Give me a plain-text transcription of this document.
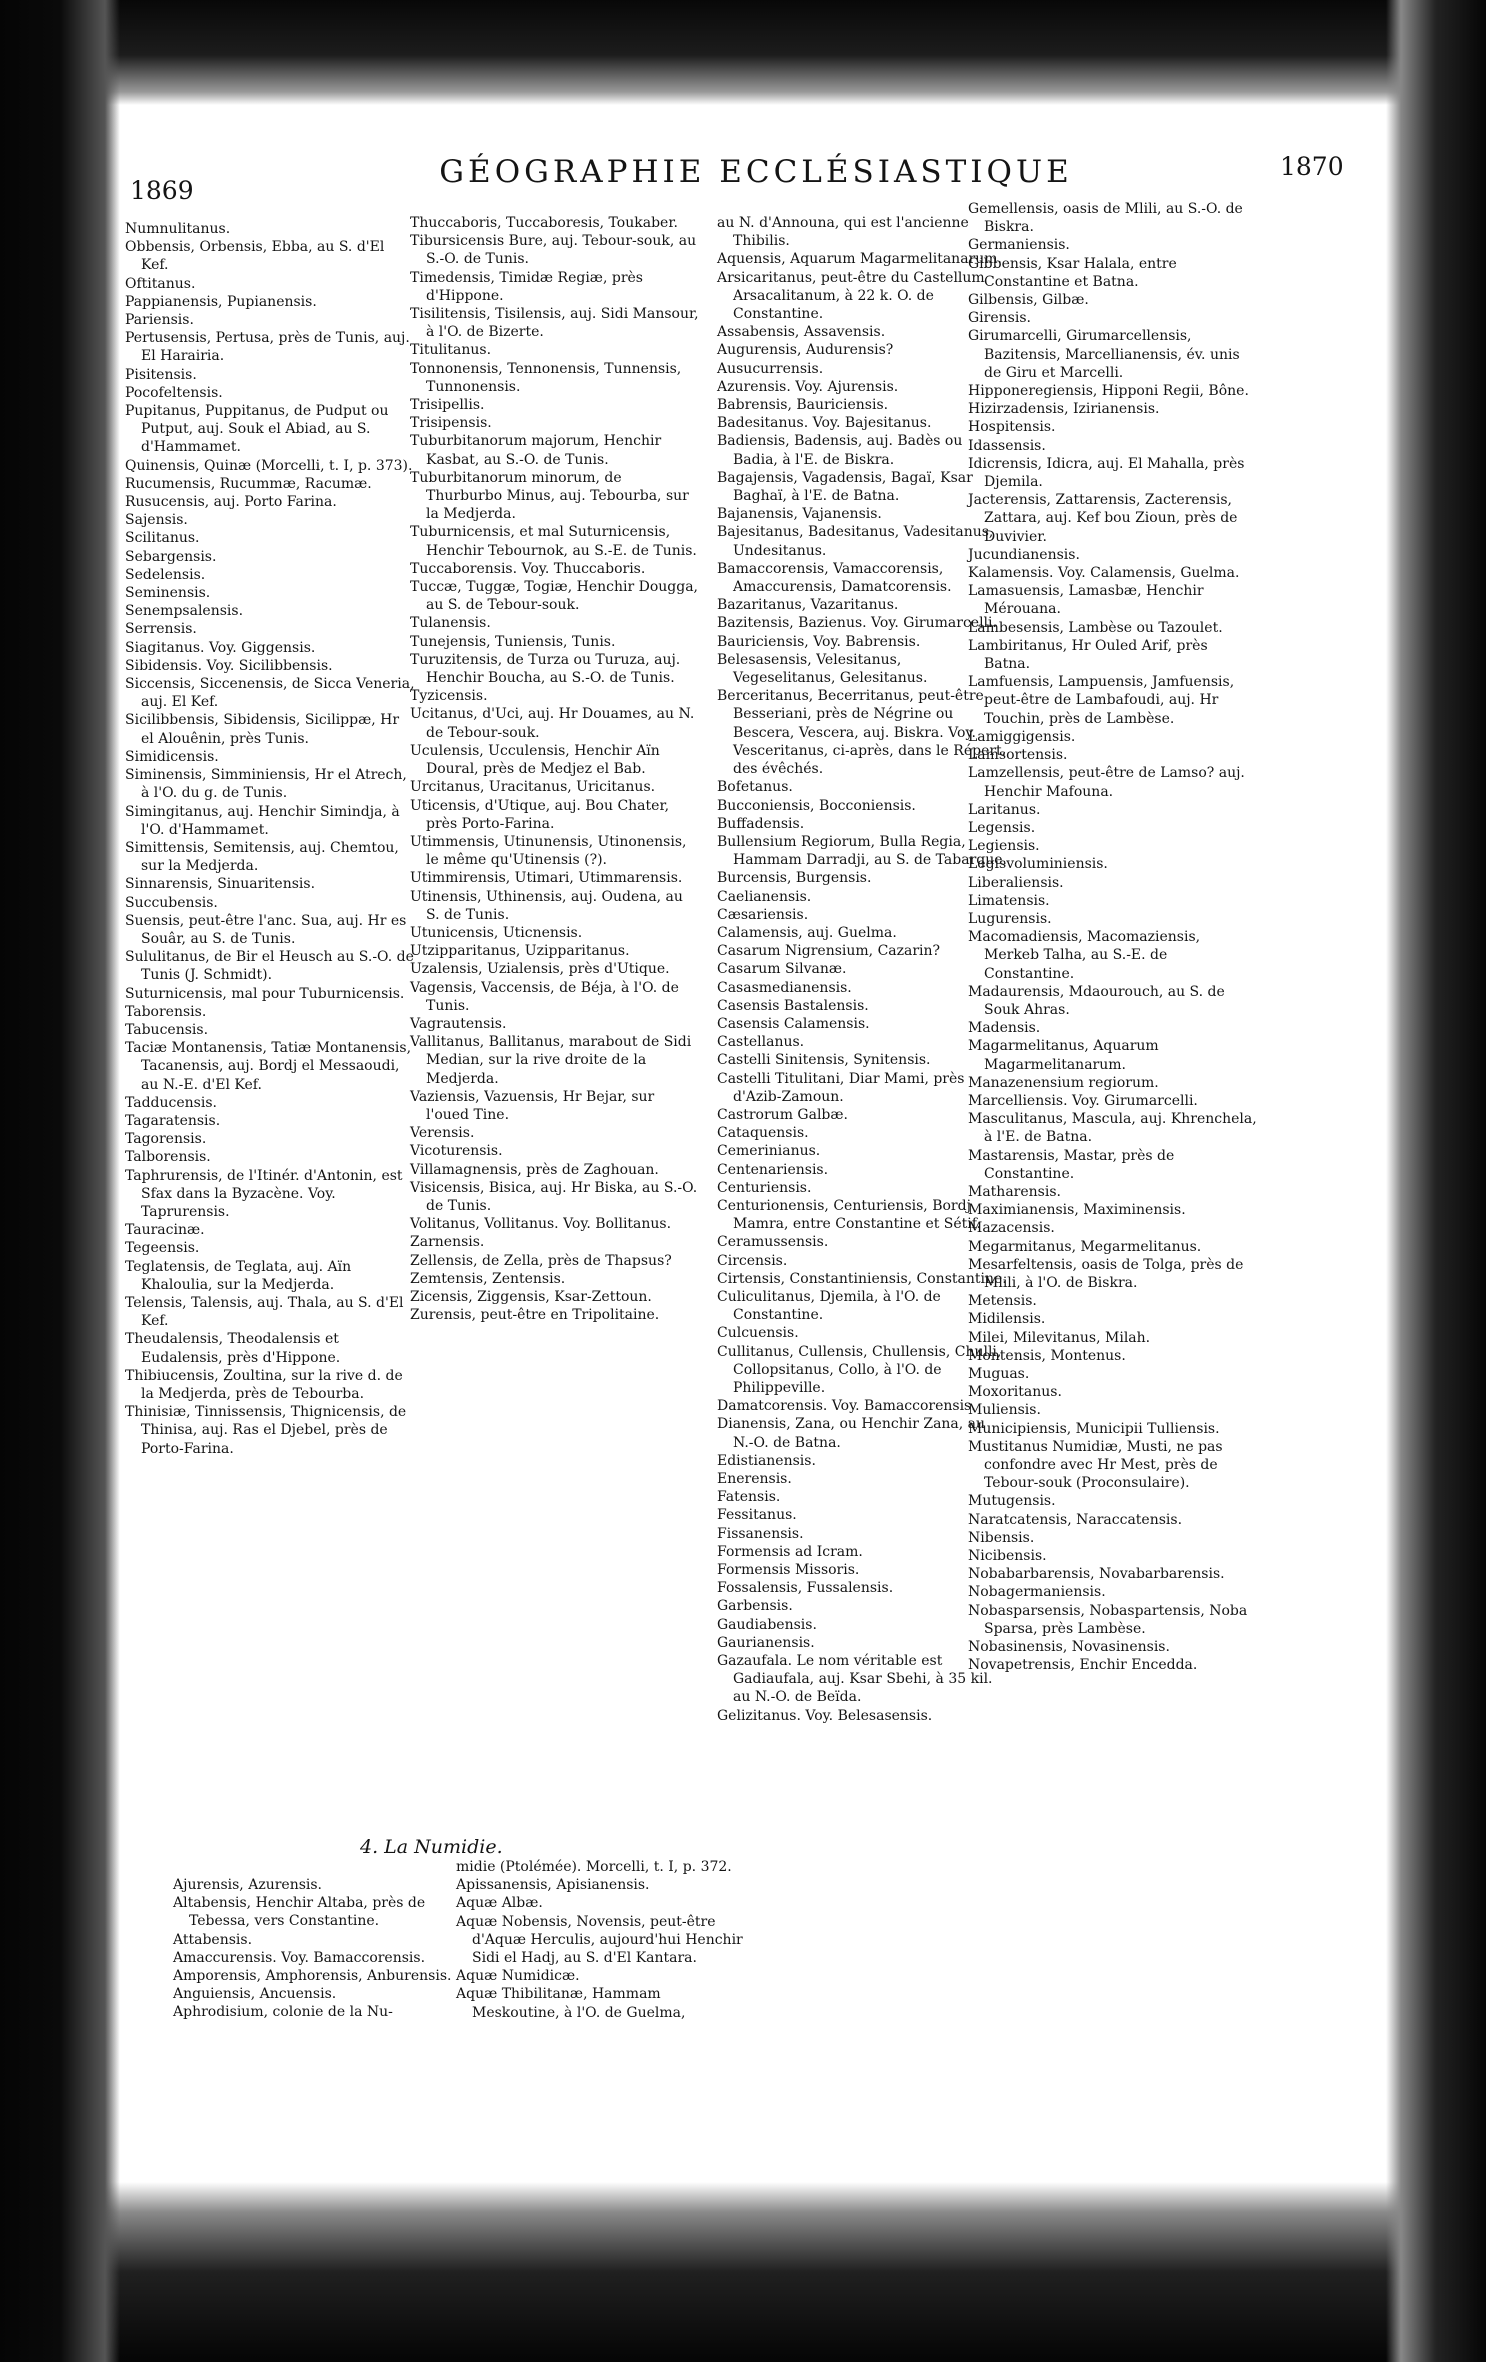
1869
GÉOGRAPHIE ECCLÉSIASTIQUE	1870

Numnulitanus.

Obbensis, Orbensis, Ebba, au S. d'El Kef.

Oftitanus.

Pappianensis, Pupianensis.

Pariensis.

Pertusensis, Pertusa, près de Tunis, auj. El Harairia.

Pisitensis.

Pocofeltensis.

Pupitanus, Puppitanus, de Pudput ou Putput, auj. Souk el Abiad, au S. d'Hammamet.

Quinensis, Quinæ (Morcelli, t. I, p. 373).

Rucumensis, Rucummæ, Racumæ.

Rusucensis, auj. Porto Farina.

Sajensis.

Scilitanus.

Sebargensis.

Sedelensis.

Seminensis.

Senempsalensis.

Serrensis.

Siagitanus. Voy. Giggensis.

Sibidensis. Voy. Sicilibbensis.

Siccensis, Siccenensis, de Sicca Veneria, auj. El Kef.

Sicilibbensis, Sibidensis, Sicilippæ, Hr el Alouênin, près Tunis.

Simidicensis.

Siminensis, Simminiensis, Hr el Atrech, à l'O. du g. de Tunis.

Simingitanus, auj. Henchir Simindja, à l'O. d'Hammamet.

Simittensis, Semitensis, auj. Chemtou, sur la Medjerda.

Sinnarensis, Sinuaritensis.

Succubensis.

Suensis, peut-être l'anc. Sua, auj. Hr es Souâr, au S. de Tunis.

Sululitanus, de Bir el Heusch au S.-O. de Tunis (J. Schmidt).

Suturnicensis, mal pour Tuburnicensis.

Taborensis.

Tabucensis.

Taciæ Montanensis, Tatiæ Montanensis, Tacanensis, auj. Bordj el Messaoudi, au N.-E. d'El Kef.

Tadducensis.

Tagaratensis.

Tagorensis.

Talborensis.

Taphrurensis, de l'Itinér. d'Antonin, est Sfax dans la Byzacène. Voy. Taprurensis.

Tauracinæ.

Tegeensis.

Teglatensis, de Teglata, auj. Aïn Khaloulia, sur la Medjerda.

Telensis, Talensis, auj. Thala, au S. d'El Kef.

Theudalensis, Theodalensis et Eudalensis, près d'Hippone.

Thibiucensis, Zoultina, sur la rive d. de la Medjerda, près de Tebourba.

Thinisiæ, Tinnissensis, Thignicensis, de Thinisa, auj. Ras el Djebel, près de Porto-Farina.

Thuccaboris, Tuccaboresis, Toukaber.

Tibursicensis Bure, auj. Tebour-souk, au S.-O. de Tunis.

Timedensis, Timidæ Regiæ, près d'Hippone.

Tisilitensis, Tisilensis, auj. Sidi Mansour, à l'O. de Bizerte.

Titulitanus.

Tonnonensis, Tennonensis, Tunnensis, Tunnonensis.

Trisipellis.

Trisipensis.

Tuburbitanorum majorum, Henchir Kasbat, au S.-O. de Tunis.

Tuburbitanorum minorum, de Thurburbo Minus, auj. Tebourba, sur la Medjerda.

Tuburnicensis, et mal Suturnicensis, Henchir Tebournok, au S.-E. de Tunis.

Tuccaborensis. Voy. Thuccaboris.

Tuccæ, Tuggæ, Togiæ, Henchir Dougga, au S. de Tebour-souk.

Tulanensis.

Tunejensis, Tuniensis, Tunis.

Turuzitensis, de Turza ou Turuza, auj. Henchir Boucha, au S.-O. de Tunis.

Tyzicensis.

Ucitanus, d'Uci, auj. Hr Douames, au N. de Tebour-souk.

Uculensis, Ucculensis, Henchir Aïn Doural, près de Medjez el Bab.

Urcitanus, Uracitanus, Uricitanus.

Uticensis, d'Utique, auj. Bou Chater, près Porto-Farina.

Utimmensis, Utinunensis, Utinonensis, le même qu'Utinensis (?).

Utimmirensis, Utimari, Utimmarensis.

Utinensis, Uthinensis, auj. Oudena, au S. de Tunis.

Utunicensis, Uticnensis.

Utzipparitanus, Uzipparitanus.

Uzalensis, Uzialensis, près d'Utique.

Vagensis, Vaccensis, de Béja, à l'O. de Tunis.

Vagrautensis.

Vallitanus, Ballitanus, marabout de Sidi Median, sur la rive droite de la Medjerda.

Vaziensis, Vazuensis, Hr Bejar, sur l'oued Tine.

Verensis.

Vicoturensis.

Villamagnensis, près de Zaghouan.

Visicensis, Bisica, auj. Hr Biska, au S.-O. de Tunis.

Volitanus, Vollitanus. Voy. Bollitanus.

Zarnensis.

Zellensis, de Zella, près de Thapsus?

Zemtensis, Zentensis.

Zicensis, Ziggensis, Ksar-Zettoun.

Zurensis, peut-être en Tripolitaine.

au N. d'Announa, qui est l'ancienne Thibilis.

Aquensis, Aquarum Magarmelitanarum.

Arsicaritanus, peut-être du Castellum Arsacalitanum, à 22 k. O. de Constantine.

Assabensis, Assavensis.

Augurensis, Audurensis?

Ausucurrensis.

Azurensis. Voy. Ajurensis.

Babrensis, Bauriciensis.

Badesitanus. Voy. Bajesitanus.

Badiensis, Badensis, auj. Badès ou Badia, à l'E. de Biskra.

Bagajensis, Vagadensis, Bagaï, Ksar Baghaï, à l'E. de Batna.

Bajanensis, Vajanensis.

Bajesitanus, Badesitanus, Vadesitanus, Undesitanus.

Bamaccorensis, Vamaccorensis, Amaccurensis, Damatcorensis.

Bazaritanus, Vazaritanus.

Bazitensis, Bazienus. Voy. Girumarcelli.

Bauriciensis, Voy. Babrensis.

Belesasensis, Velesitanus, Vegeselitanus, Gelesitanus.

Berceritanus, Becerritanus, peut-être Besseriani, près de Négrine ou Bescera, Vescera, auj. Biskra. Voy. Vesceritanus, ci-après, dans le Répert. des évêchés.

Bofetanus.

Bucconiensis, Bocconiensis.

Buffadensis.

Bullensium Regiorum, Bulla Regia, Hammam Darradji, au S. de Tabarque.

Burcensis, Burgensis.

Caelianensis.

Cæsariensis.

Calamensis, auj. Guelma.

Casarum Nigrensium, Cazarin?

Casarum Silvanæ.

Casasmedianensis.

Casensis Bastalensis.

Casensis Calamensis.

Castellanus.

Castelli Sinitensis, Synitensis.

Castelli Titulitani, Diar Mami, près d'Azib-Zamoun.

Castrorum Galbæ.

Cataquensis.

Cemerinianus.

Centenariensis.

Centuriensis.

Centurionensis, Centuriensis, Bordj Mamra, entre Constantine et Sétif.

Ceramussensis.

Circensis.

Cirtensis, Constantiniensis, Constantine.

Culiculitanus, Djemila, à l'O. de Constantine.

Culcuensis.

Cullitanus, Cullensis, Chullensis, Chulli, Collopsitanus, Collo, à l'O. de Philippeville.

Damatcorensis. Voy. Bamaccorensis.

Dianensis, Zana, ou Henchir Zana, au N.-O. de Batna.

Edistianensis.

Enerensis.

Fatensis.

Fessitanus.

Fissanensis.

Formensis ad Icram.

Formensis Missoris.

Fossalensis, Fussalensis.

Garbensis.

Gaudiabensis.

Gaurianensis.

Gazaufala. Le nom véritable est Gadiaufala, auj. Ksar Sbehi, à 35 kil. au N.-O. de Beïda.

Gelizitanus. Voy. Belesasensis.

Gemellensis, oasis de Mlili, au S.-O. de Biskra.

Germaniensis.

Gibbensis, Ksar Halala, entre Constantine et Batna.

Gilbensis, Gilbæ.

Girensis.

Girumarcelli, Girumarcellensis, Bazitensis, Marcellianensis, év. unis de Giru et Marcelli.

Hipponeregiensis, Hipponi Regii, Bône.

Hizirzadensis, Izirianensis.

Hospitensis.

Idassensis.

Idicrensis, Idicra, auj. El Mahalla, près Djemila.

Jacterensis, Zattarensis, Zacterensis, Zattara, auj. Kef bou Zioun, près de Duvivier.

Jucundianensis.

Kalamensis. Voy. Calamensis, Guelma.

Lamasuensis, Lamasbæ, Henchir Mérouana.

Lambesensis, Lambèse ou Tazoulet.

Lambiritanus, Hr Ouled Arif, près Batna.

Lamfuensis, Lampuensis, Jamfuensis, peut-être de Lambafoudi, auj. Hr Touchin, près de Lambèse.

Lamiggigensis.

Lamsortensis.

Lamzellensis, peut-être de Lamso? auj. Henchir Mafouna.

Laritanus.

Legensis.

Legiensis.

Legisvoluminiensis.

Liberaliensis.

Limatensis.

Lugurensis.

Macomadiensis, Macomaziensis, Merkeb Talha, au S.-E. de Constantine.

Madaurensis, Mdaourouch, au S. de Souk Ahras.

Madensis.

Magarmelitanus, Aquarum Magarmelitanarum.

Manazenensium regiorum.

Marcelliensis. Voy. Girumarcelli.

Masculitanus, Mascula, auj. Khrenchela, à l'E. de Batna.

Mastarensis, Mastar, près de Constantine.

Matharensis.

Maximianensis, Maximinensis.

Mazacensis.

Megarmitanus, Megarmelitanus.

Mesarfeltensis, oasis de Tolga, près de Mlili, à l'O. de Biskra.

Metensis.

Midilensis.

Milei, Milevitanus, Milah.

Montensis, Montenus.

Muguas.

Moxoritanus.

Muliensis.

Municipiensis, Municipii Tulliensis.

Mustitanus Numidiæ, Musti, ne pas confondre avec Hr Mest, près de Tebour-souk (Proconsulaire).

Mutugensis.

Naratcatensis, Naraccatensis.

Nibensis.

Nicibensis.

Nobabarbarensis, Novabarbarensis.

Nobagermaniensis.

Nobasparsensis, Nobaspartensis, Noba Sparsa, près Lambèse.

Nobasinensis, Novasinensis.

Novapetrensis, Enchir Encedda.

4. La Numidie.

Ajurensis, Azurensis.

Altabensis, Henchir Altaba, près de Tebessa, vers Constantine.

Attabensis.

Amaccurensis. Voy. Bamaccorensis.

Amporensis, Amphorensis, Anburensis.

Anguiensis, Ancuensis.

Aphrodisium, colonie de la Nu-

midie (Ptolémée). Morcelli, t. I, p. 372.

Apissanensis, Apisianensis.

Aquæ Albæ.

Aquæ Nobensis, Novensis, peut-être d'Aquæ Herculis, aujourd'hui Henchir Sidi el Hadj, au S. d'El Kantara.

Aquæ Numidicæ.

Aquæ Thibilitanæ, Hammam Meskoutine, à l'O. de Guelma,
